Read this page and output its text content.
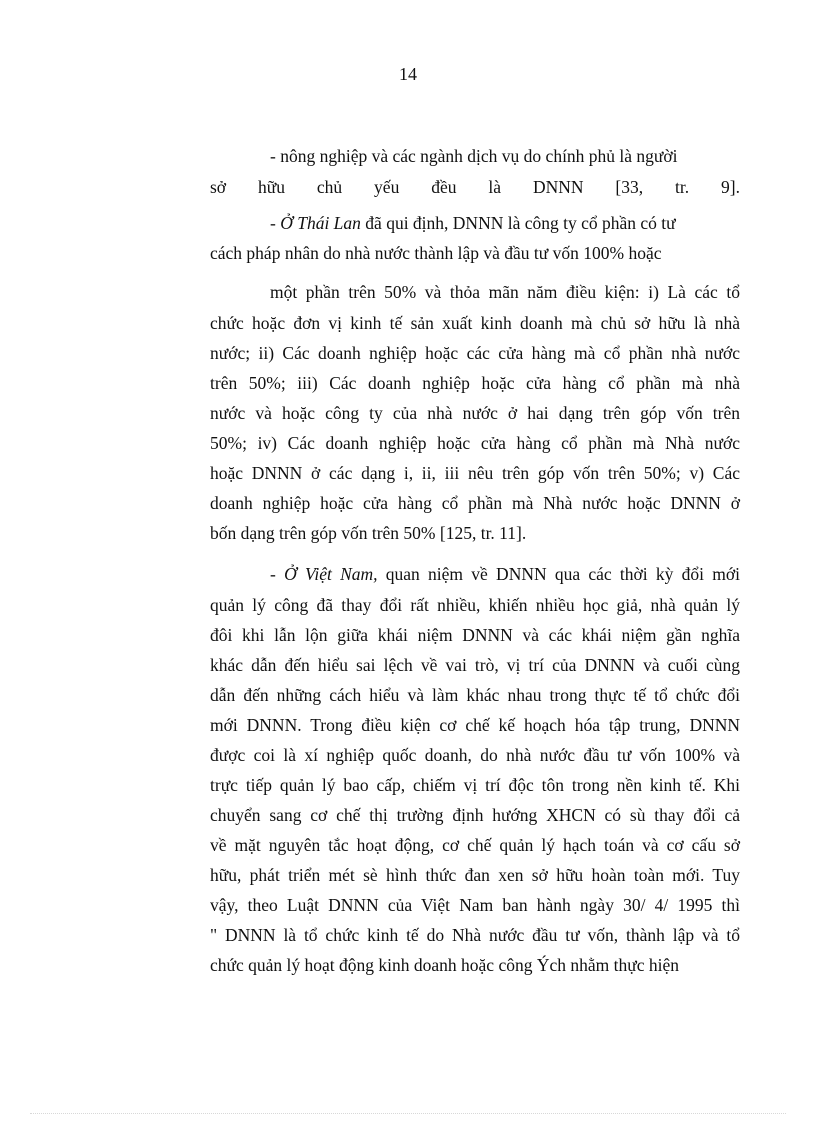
14
- nông nghiệp và các ngành dịch vụ do chính phủ là người
sở hữu chủ yếu đều là DNNN [33, tr. 9].
- Ở Thái Lan đã qui định, DNNN là công ty cổ phần có tư
cách pháp nhân do nhà nước thành lập và đầu tư vốn 100% hoặc
một phần trên 50% và thỏa mãn năm điều kiện: i) Là các tổ
chức hoặc đơn vị kinh tế sản xuất kinh doanh mà chủ sở hữu là nhà
nước; ii) Các doanh nghiệp hoặc các cửa hàng mà cổ phần nhà nước
trên 50%; iii) Các doanh nghiệp hoặc cửa hàng cổ phần mà nhà
nước và hoặc công ty của nhà nước ở hai dạng trên góp vốn trên
50%; iv) Các doanh nghiệp hoặc cửa hàng cổ phần mà Nhà nước
hoặc DNNN ở các dạng i, ii, iii nêu trên góp vốn trên 50%; v) Các
doanh nghiệp hoặc cửa hàng cổ phần mà Nhà nước hoặc DNNN ở
bốn dạng trên góp vốn trên 50% [125, tr. 11].
- Ở Việt Nam, quan niệm về DNNN qua các thời kỳ đổi mới
quản lý công đã thay đổi rất nhiều, khiến nhiều học giả, nhà quản lý
đôi khi lẫn lộn giữa khái niệm DNNN và các khái niệm gần nghĩa
khác dẫn đến hiểu sai lệch về vai trò, vị trí của DNNN và cuối cùng
dẫn đến những cách hiểu và làm khác nhau trong thực tế tổ chức đổi
mới DNNN. Trong điều kiện cơ chế kế hoạch hóa tập trung, DNNN
được coi là xí nghiệp quốc doanh, do nhà nước đầu tư vốn 100% và
trực tiếp quản lý bao cấp, chiếm vị trí độc tôn trong nền kinh tế. Khi
chuyển sang cơ chế thị trường định hướng XHCN có sù thay đổi cả
về mặt nguyên tắc hoạt động, cơ chế quản lý hạch toán và cơ cấu sở
hữu, phát triển mét sè hình thức đan xen sở hữu hoàn toàn mới. Tuy
vậy, theo Luật DNNN của Việt Nam ban hành ngày 30/ 4/ 1995 thì
" DNNN là tổ chức kinh tế do Nhà nước đầu tư vốn, thành lập và tổ
chức quản lý hoạt động kinh doanh hoặc công Ých nhằm thực hiện
